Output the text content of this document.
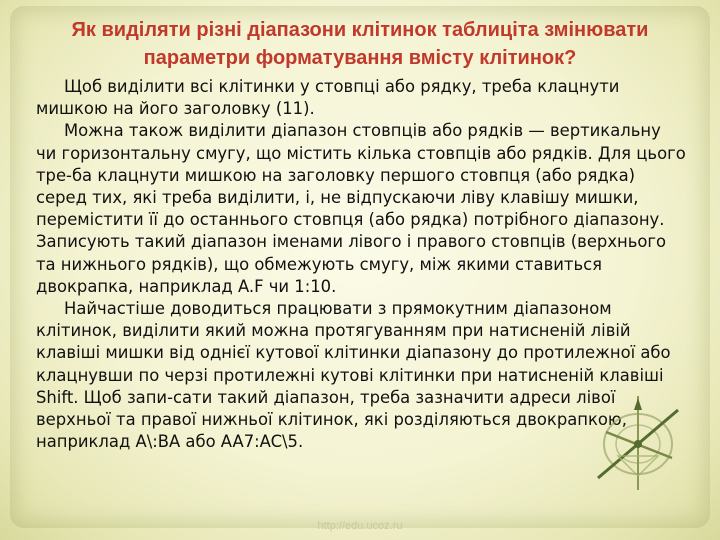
Як виділяти різні діапазони клітинок таблиціта змінювати параметри форматування вмісту клітинок?

Щоб виділити всі клітинки у стовпці або рядку, треба клацнути мишкою на його заголовку (11).

Можна також виділити діапазон стовпців або рядків — вертикальну чи горизонтальну смугу, що містить кілька стовпців або рядків. Для цього тре-ба клацнути мишкою на заголовку першого стовпця (або рядка) серед тих, які треба виділити, і, не відпускаючи ліву клавішу мишки, перемістити її до останнього стовпця (або рядка) потрібного діапазону. Записують такий діапазон іменами лівого і правого стовпців (верхнього та нижнього рядків), що обмежують смугу, між якими ставиться двокрапка, наприклад A.F чи 1:10.

Найчастіше доводиться працювати з прямокутним діапазоном клітинок, виділити який можна протягуванням при натисненій лівій клавіші мишки від однієї кутової клітинки діапазону до протилежної або клацнувши по черзі протилежні кутові клітинки при натисненій клавіші Shift. Щоб запи-сати такий діапазон, треба зазначити адреси лівої верхньої та правої нижньої клітинок, які розділяються двокрапкою, наприклад A\:BA або AA7:AC\5.

http://edu.ucoz.ru
